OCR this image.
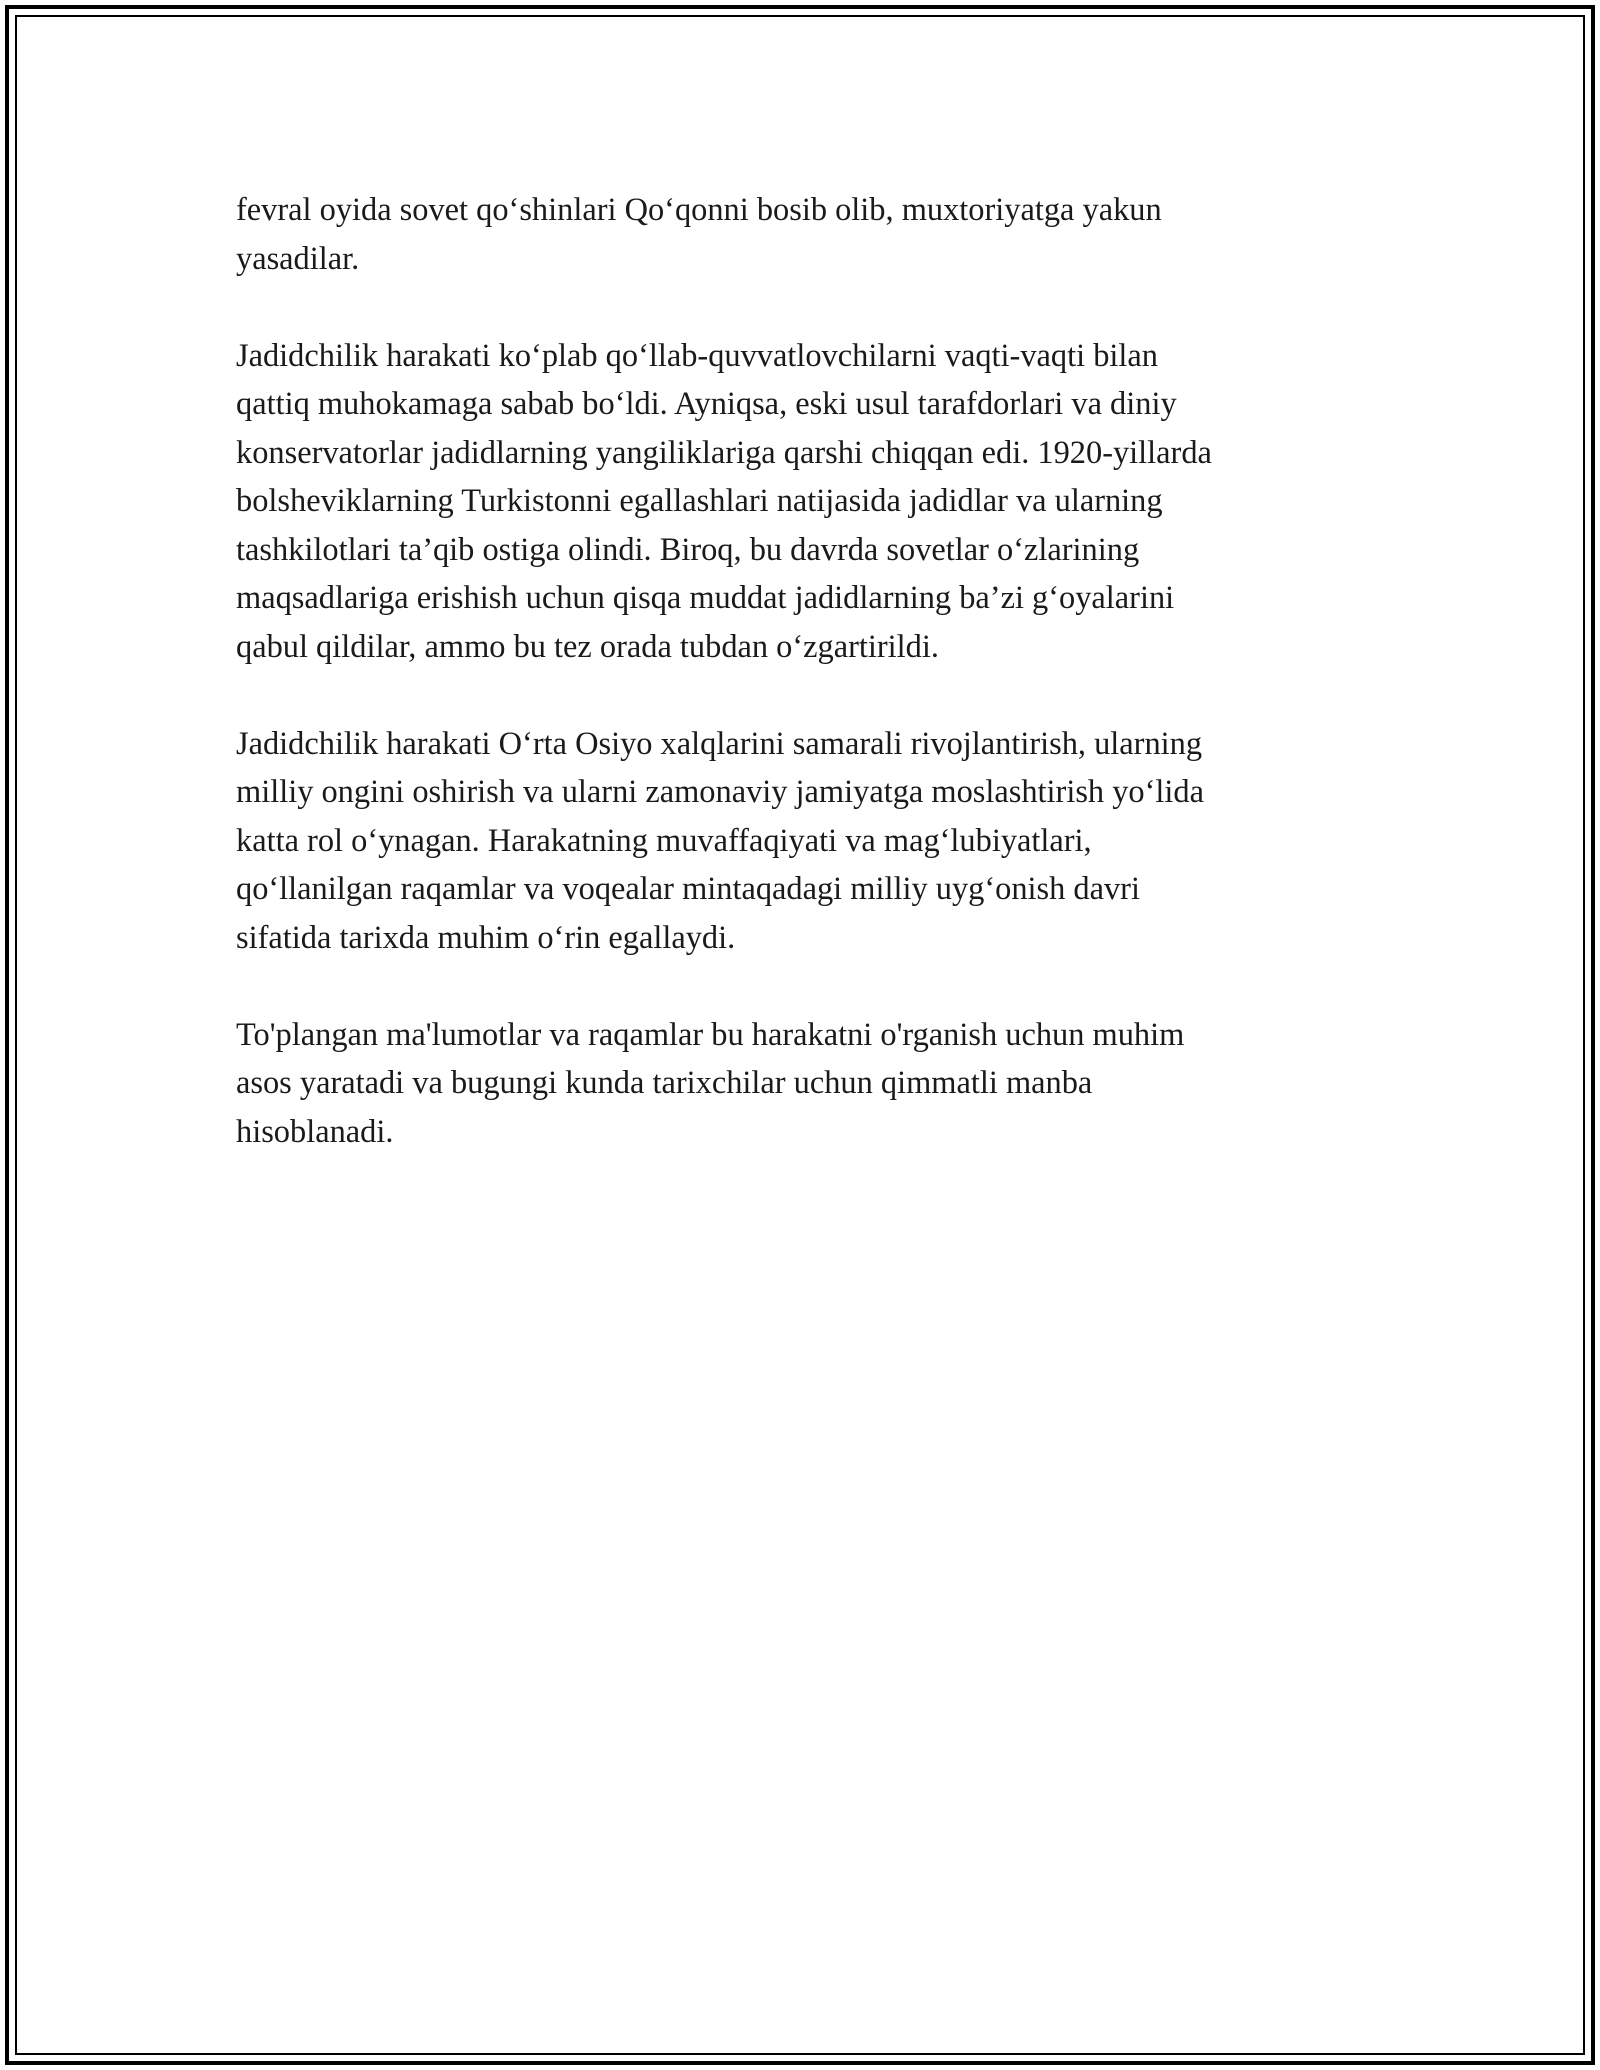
fevral oyida sovet qo‘shinlari Qo‘qonni bosib olib, muxtoriyatga yakun
yasadilar.

Jadidchilik harakati ko‘plab qo‘llab-quvvatlovchilarni vaqti-vaqti bilan
qattiq muhokamaga sabab bo‘ldi. Ayniqsa, eski usul tarafdorlari va diniy
konservatorlar jadidlarning yangiliklariga qarshi chiqqan edi. 1920-yillarda
bolsheviklarning Turkistonni egallashlari natijasida jadidlar va ularning
tashkilotlari ta’qib ostiga olindi. Biroq, bu davrda sovetlar o‘zlarining
maqsadlariga erishish uchun qisqa muddat jadidlarning ba’zi g‘oyalarini
qabul qildilar, ammo bu tez orada tubdan o‘zgartirildi.

Jadidchilik harakati O‘rta Osiyo xalqlarini samarali rivojlantirish, ularning
milliy ongini oshirish va ularni zamonaviy jamiyatga moslashtirish yo‘lida
katta rol o‘ynagan. Harakatning muvaffaqiyati va mag‘lubiyatlari,
qo‘llanilgan raqamlar va voqealar mintaqadagi milliy uyg‘onish davri
sifatida tarixda muhim o‘rin egallaydi.

To'plangan ma'lumotlar va raqamlar bu harakatni o'rganish uchun muhim
asos yaratadi va bugungi kunda tarixchilar uchun qimmatli manba
hisoblanadi.
